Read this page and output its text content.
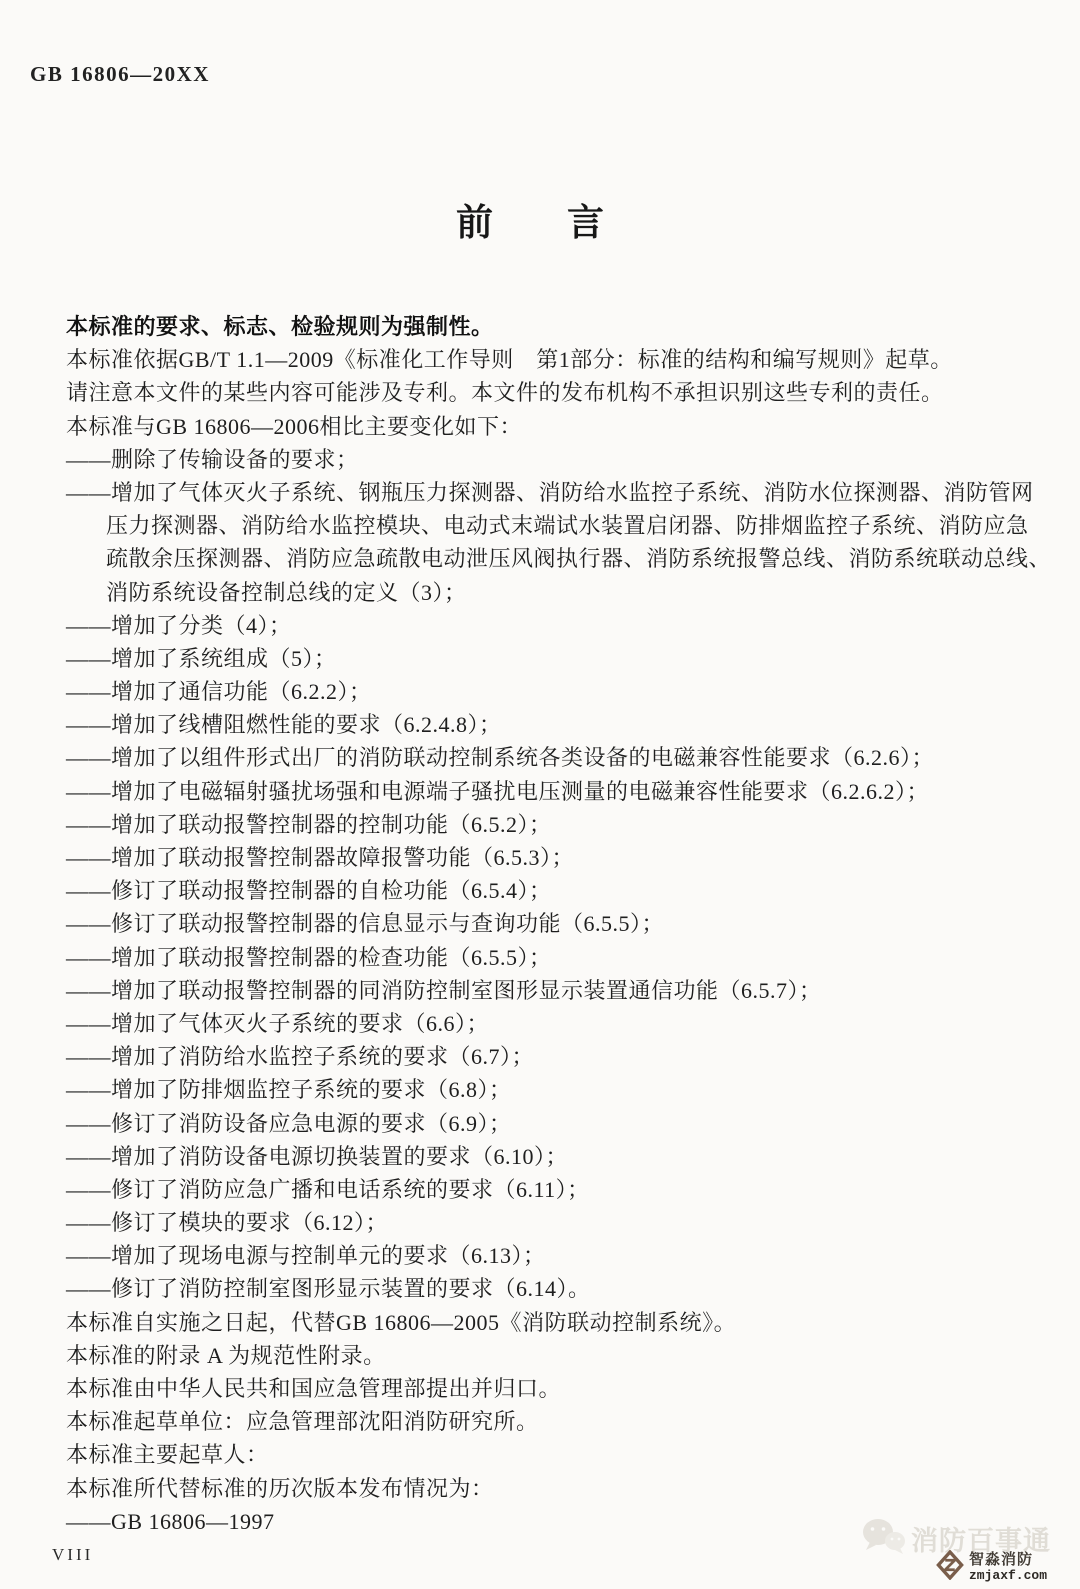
GB 16806—20XX
前　　言
本标准的要求、标志、检验规则为强制性。
本标准依据GB/T 1.1—2009《标准化工作导则　第1部分：标准的结构和编写规则》起草。
请注意本文件的某些内容可能涉及专利。本文件的发布机构不承担识别这些专利的责任。
本标准与GB 16806—2006相比主要变化如下：
——删除了传输设备的要求；
——增加了气体灭火子系统、钢瓶压力探测器、消防给水监控子系统、消防水位探测器、消防管网
压力探测器、消防给水监控模块、电动式末端试水装置启闭器、防排烟监控子系统、消防应急
疏散余压探测器、消防应急疏散电动泄压风阀执行器、消防系统报警总线、消防系统联动总线、
消防系统设备控制总线的定义（3）；
——增加了分类（4）；
——增加了系统组成（5）；
——增加了通信功能（6.2.2）；
——增加了线槽阻燃性能的要求（6.2.4.8）；
——增加了以组件形式出厂的消防联动控制系统各类设备的电磁兼容性能要求（6.2.6）；
——增加了电磁辐射骚扰场强和电源端子骚扰电压测量的电磁兼容性能要求（6.2.6.2）；
——增加了联动报警控制器的控制功能（6.5.2）；
——增加了联动报警控制器故障报警功能（6.5.3）；
——修订了联动报警控制器的自检功能（6.5.4）；
——修订了联动报警控制器的信息显示与查询功能（6.5.5）；
——增加了联动报警控制器的检查功能（6.5.5）；
——增加了联动报警控制器的同消防控制室图形显示装置通信功能（6.5.7）；
——增加了气体灭火子系统的要求（6.6）；
——增加了消防给水监控子系统的要求（6.7）；
——增加了防排烟监控子系统的要求（6.8）；
——修订了消防设备应急电源的要求（6.9）；
——增加了消防设备电源切换装置的要求（6.10）；
——修订了消防应急广播和电话系统的要求（6.11）；
——修订了模块的要求（6.12）；
——增加了现场电源与控制单元的要求（6.13）；
——修订了消防控制室图形显示装置的要求（6.14）。
本标准自实施之日起，代替GB 16806—2005《消防联动控制系统》。
本标准的附录 A 为规范性附录。
本标准由中华人民共和国应急管理部提出并归口。
本标准起草单位：应急管理部沈阳消防研究所。
本标准主要起草人：
本标准所代替标准的历次版本发布情况为：
——GB 16806—1997
VIII	消防百事通
智淼消防
zmjaxf.com
